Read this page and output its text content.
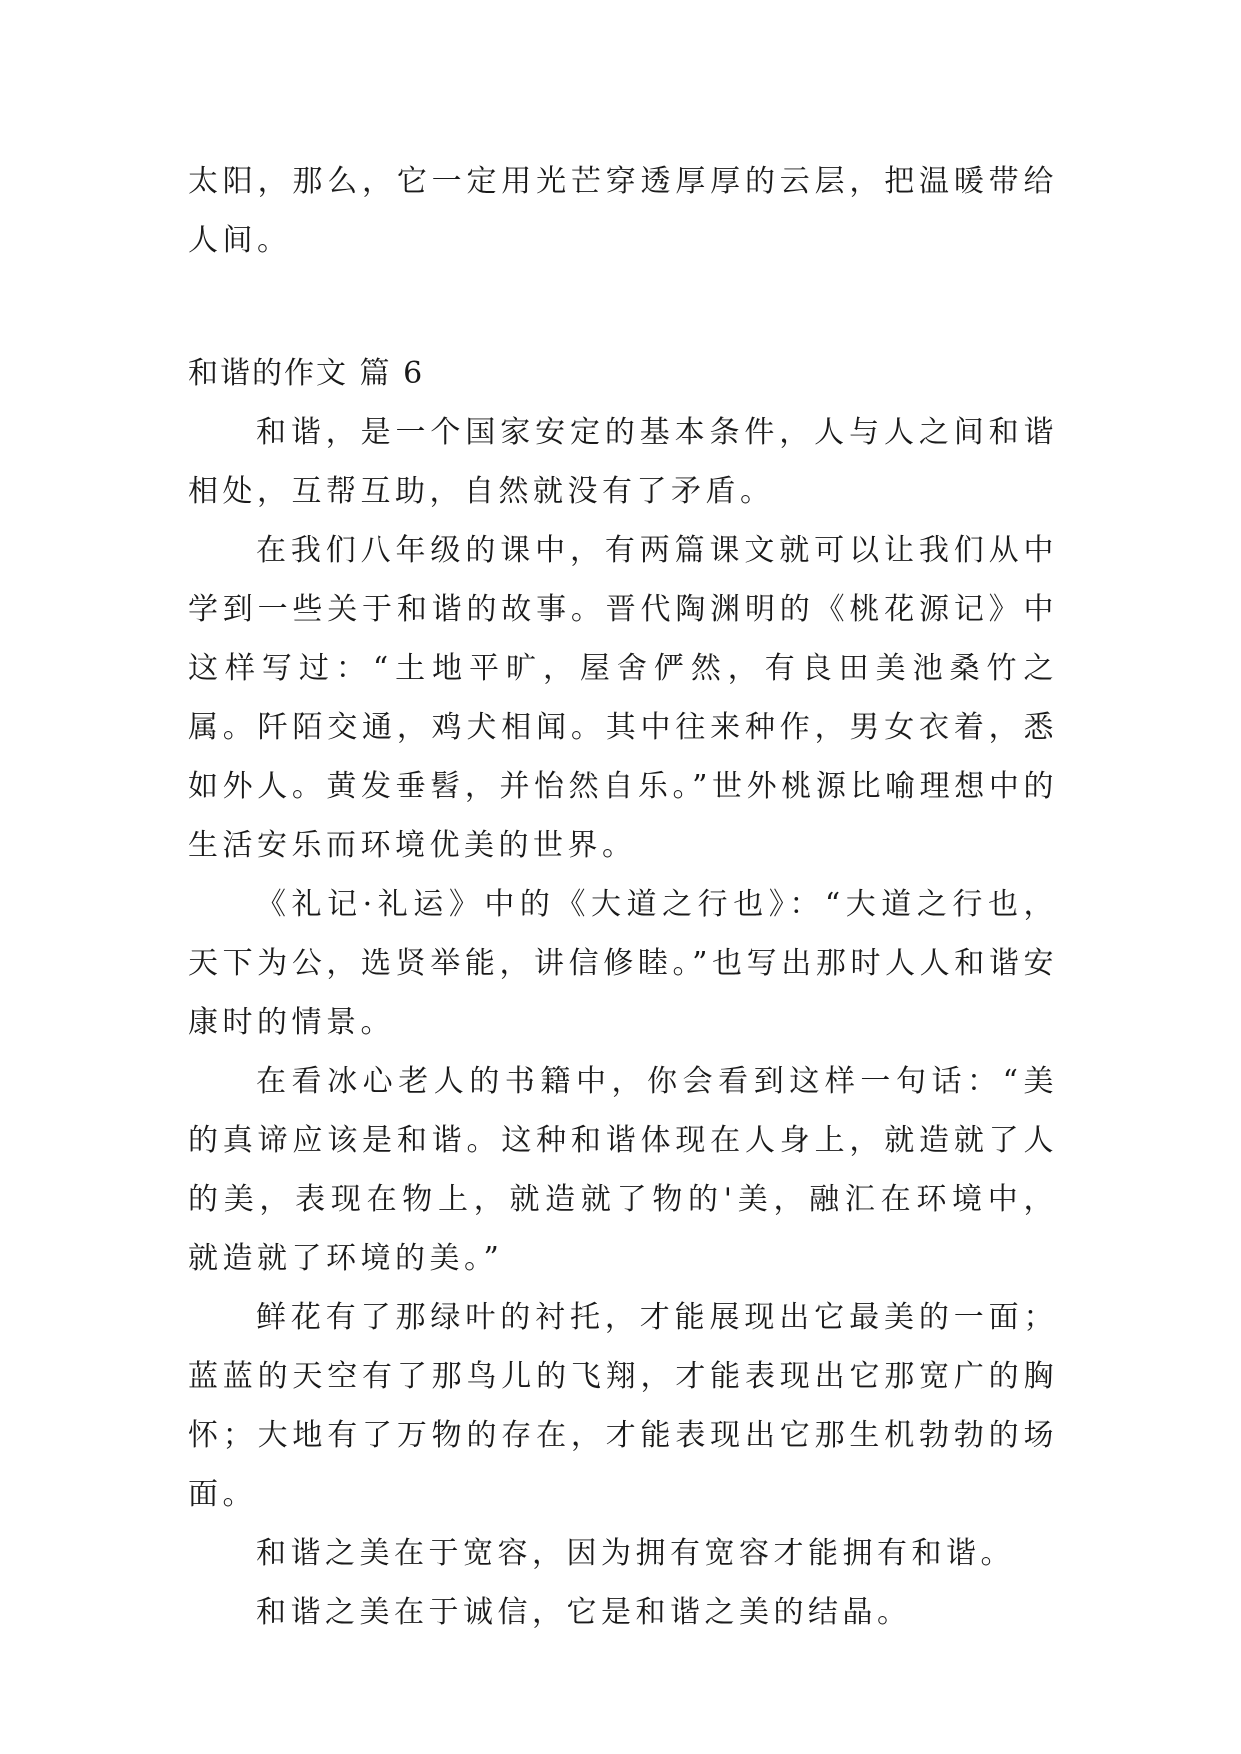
太阳，那么，它一定用光芒穿透厚厚的云层，把温暖带给人间。

和谐的作文 篇 6

和谐，是一个国家安定的基本条件，人与人之间和谐相处，互帮互助，自然就没有了矛盾。

在我们八年级的课中，有两篇课文就可以让我们从中学到一些关于和谐的故事。晋代陶渊明的《桃花源记》中这样写过：“土地平旷，屋舍俨然，有良田美池桑竹之属。阡陌交通，鸡犬相闻。其中往来种作，男女衣着，悉如外人。黄发垂髫，并怡然自乐。”世外桃源比喻理想中的生活安乐而环境优美的世界。

《礼记·礼运》中的《大道之行也》：“大道之行也，天下为公，选贤举能，讲信修睦。”也写出那时人人和谐安康时的情景。

在看冰心老人的书籍中，你会看到这样一句话：“美的真谛应该是和谐。这种和谐体现在人身上，就造就了人的美，表现在物上，就造就了物的'美，融汇在环境中，就造就了环境的美。”

鲜花有了那绿叶的衬托，才能展现出它最美的一面；蓝蓝的天空有了那鸟儿的飞翔，才能表现出它那宽广的胸怀；大地有了万物的存在，才能表现出它那生机勃勃的场面。

和谐之美在于宽容，因为拥有宽容才能拥有和谐。

和谐之美在于诚信，它是和谐之美的结晶。
